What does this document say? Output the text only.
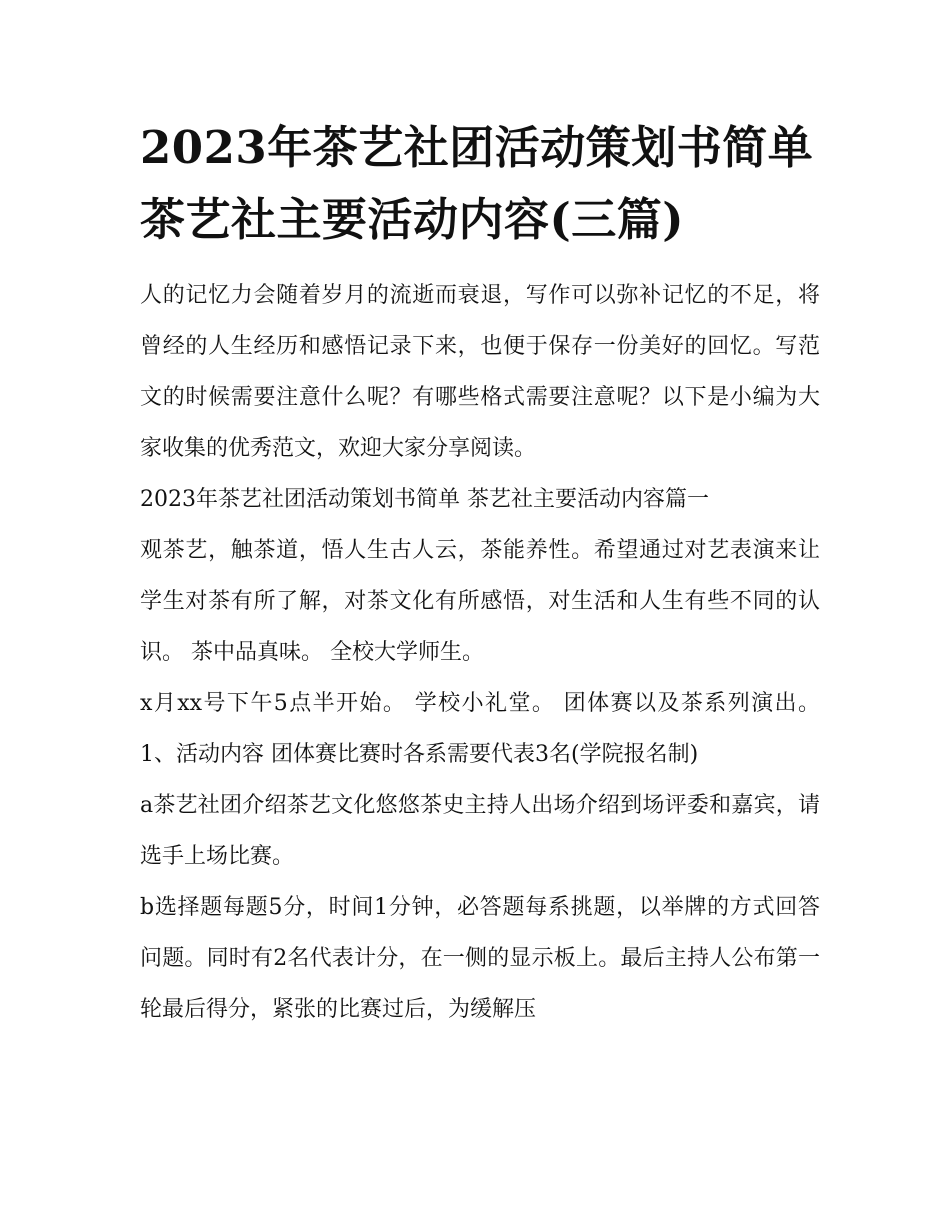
2023年茶艺社团活动策划书简单 茶艺社主要活动内容(三篇)

人的记忆力会随着岁月的流逝而衰退，写作可以弥补记忆的不足，将曾经的人生经历和感悟记录下来，也便于保存一份美好的回忆。写范文的时候需要注意什么呢？有哪些格式需要注意呢？以下是小编为大家收集的优秀范文，欢迎大家分享阅读。

2023年茶艺社团活动策划书简单 茶艺社主要活动内容篇一

观茶艺，触茶道，悟人生古人云，茶能养性。希望通过对艺表演来让学生对茶有所了解，对茶文化有所感悟，对生活和人生有些不同的认识。 茶中品真味。 全校大学师生。

x月xx号下午5点半开始。 学校小礼堂。 团体赛以及茶系列演出。 1、活动内容 团体赛比赛时各系需要代表3名(学院报名制)

a茶艺社团介绍茶艺文化悠悠茶史主持人出场介绍到场评委和嘉宾，请选手上场比赛。

b选择题每题5分，时间1分钟，必答题每系挑题，以举牌的方式回答问题。同时有2名代表计分，在一侧的显示板上。最后主持人公布第一轮最后得分，紧张的比赛过后，为缓解压
